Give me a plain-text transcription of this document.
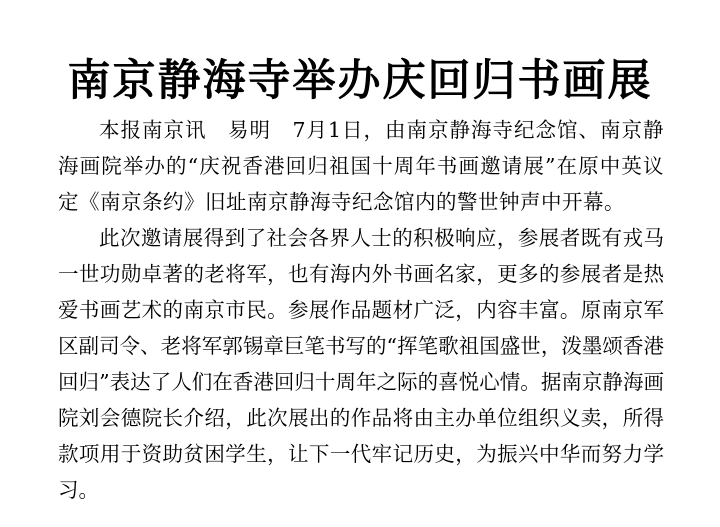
南京静海寺举办庆回归书画展

本报南京讯　易明　7月1日，由南京静海寺纪念馆、南京静海画院举办的“庆祝香港回归祖国十周年书画邀请展”在原中英议定《南京条约》旧址南京静海寺纪念馆内的警世钟声中开幕。

此次邀请展得到了社会各界人士的积极响应，参展者既有戎马一世功勋卓著的老将军，也有海内外书画名家，更多的参展者是热爱书画艺术的南京市民。参展作品题材广泛，内容丰富。原南京军区副司令、老将军郭锡章巨笔书写的“挥笔歌祖国盛世，泼墨颂香港回归”表达了人们在香港回归十周年之际的喜悦心情。据南京静海画院刘会德院长介绍，此次展出的作品将由主办单位组织义卖，所得款项用于资助贫困学生，让下一代牢记历史，为振兴中华而努力学习。
